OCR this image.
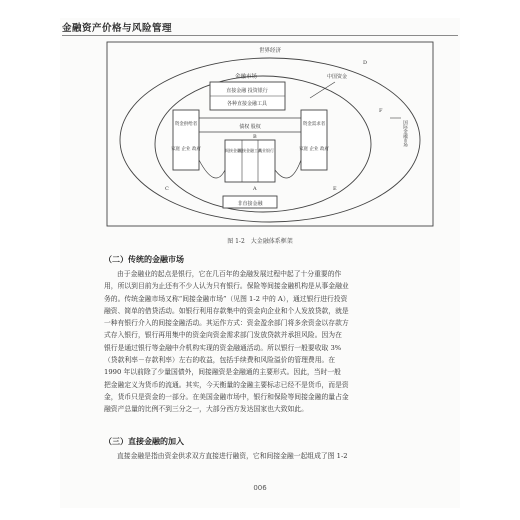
金融资产价格与风险管理
世界经济
金融市场
直接金融 投资银行
各种直接金融工具
资金供给者
家庭 企业 政府
资金需求者
家庭 企业 政府
债权 股权
间接金融
间接金融工具
商业银行
非直接金融
中国资金
国际金融市场
A
B
C
D
E
F
图 1-2　大金融体系框架
（二）传统的金融市场
由于金融业的起点是银行，它在几百年的金融发展过程中起了十分重要的作
用，所以到目前为止还有不少人认为只有银行。保险等间接金融机构是从事金融业
务的。传统金融市场又称“间接金融市场”（见图 1-2 中的 A），通过银行进行投资
融资、简单的借贷活动。如银行利用存款集中的资金向企业和个人发放贷款，就是
一种有银行介入的间接金融活动。其运作方式：资金盈余部门将多余资金以存款方
式存入银行，银行再用集中的资金向资金需求部门发放贷款并承担风险。因为在
银行是通过银行等金融中介机构实现的资金融通活动。所以银行一般要收取 3%
（贷款利率－存款利率）左右的收益，包括手续费和风险溢价的管理费用。在
1990 年以前除了少量国债外，间接融资是金融通的主要形式。因此，当时一般
把金融定义为货币的流通。其实，今天衡量的金融主要标志已经不是货币，而是资
金，货币只是资金的一部分。在美国金融市场中，银行和保险等间接金融的量占金
融资产总量的比例不到三分之一，大部分西方发达国家也大致如此。
（三）直接金融的加入
直接金融是指由资金供求双方直接进行融资，它和间接金融一起组成了图 1-2
006
